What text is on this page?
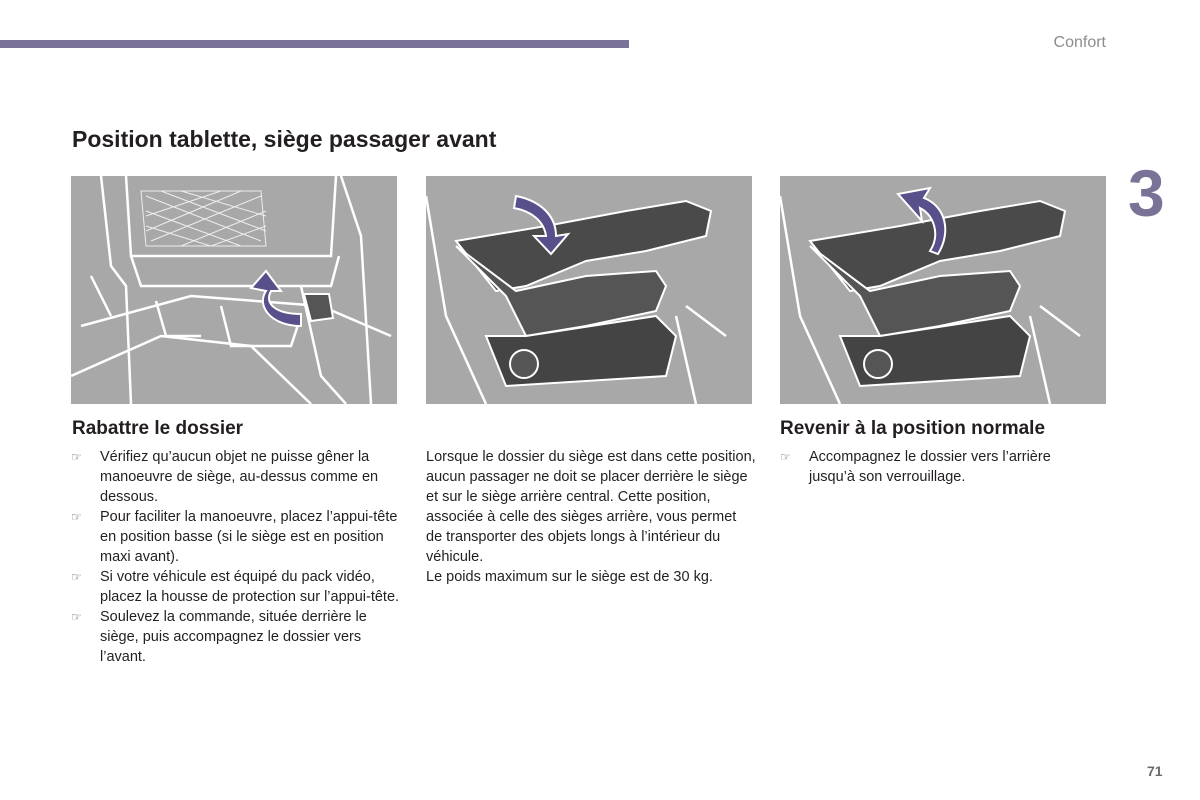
Confort
3
Position tablette, siège passager avant
Rabattre le dossier
☞ Vérifiez qu’aucun objet ne puisse gêner la manoeuvre de siège, au-dessus comme en dessous.
☞ Pour faciliter la manoeuvre, placez l’appui-tête en position basse (si le siège est en position maxi avant).
☞ Si votre véhicule est équipé du pack vidéo, placez la housse de protection sur l’appui-tête.
☞ Soulevez la commande, située derrière le siège, puis accompagnez le dossier vers l’avant.

Lorsque le dossier du siège est dans cette position, aucun passager ne doit se placer derrière le siège et sur le siège arrière central. Cette position, associée à celle des sièges arrière, vous permet de transporter des objets longs à l’intérieur du véhicule.

Le poids maximum sur le siège est de 30 kg.

Revenir à la position normale
☞ Accompagnez le dossier vers l’arrière jusqu’à son verrouillage.
71
